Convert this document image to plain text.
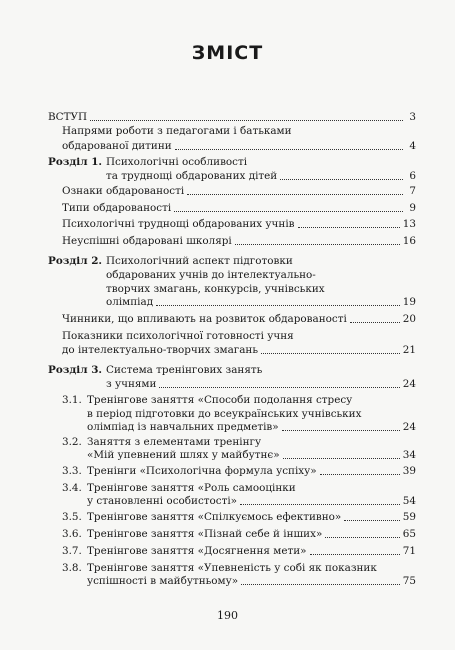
ЗМІСТ
ВСТУП	3
Напрями роботи з педагогами і батьками
обдарованої дитини	4
Розділ 1. Психологічні особливості
та труднощі обдарованих дітей	6
Ознаки обдарованості	7
Типи обдарованості	9
Психологічні труднощі обдарованих учнів	13
Неуспішні обдаровані школярі	16
Розділ 2. Психологічний аспект підготовки
обдарованих учнів до інтелектуально-
творчих змагань, конкурсів, учнівських
олімпіад	19
Чинники, що впливають на розвиток обдарованості	20
Показники психологічної готовності учня
до інтелектуально-творчих змагань	21
Розділ 3. Система тренінгових занять
з учнями	24
3.1. Тренінгове заняття «Способи подолання стресу
в період підготовки до всеукраїнських учнівських
олімпіад із навчальних предметів»	24
3.2. Заняття з елементами тренінгу
«Мій упевнений шлях у майбутнє»	34
3.3. Тренінги «Психологічна формула успіху»	39
3.4. Тренінгове заняття «Роль самооцінки
у становленні особистості»	54
3.5. Тренінгове заняття «Спілкуємось ефективно»	59
3.6. Тренінгове заняття «Пізнай себе й інших»	65
3.7. Тренінгове заняття «Досягнення мети»	71
3.8. Тренінгове заняття «Упевненість у собі як показник
успішності в майбутньому»	75
190
